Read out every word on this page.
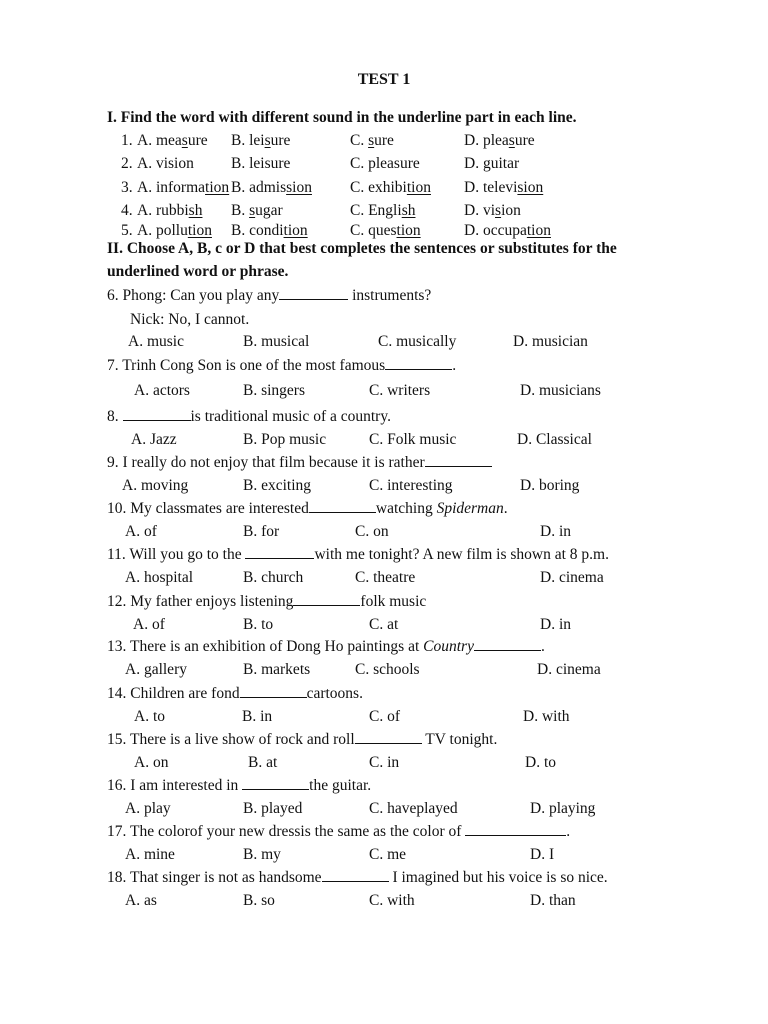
TEST 1
I. Find the word with different sound in the underline part in each line.
1. A. measure B. leisure	C. sure	D. pleasure
2. A. vision B. leisure	C. pleasure	D. guitar
3. A. information B. admission C. exhibition D. television
4. A. rubbish B. sugar	C. English	D. vision
5. A. pollution B. condition	C. question	D. occupation
II. Choose A, B, c or D that best completes the sentences or substitutes for the underlined word or phrase.
6. Phong: Can you play any	instruments?
Nick: No, I cannot.
A. music	B. musical	C. musically	D. musician
7. Trinh Cong Son is one of the most famous	.
A. actors	B. singers	C. writers	D. musicians
8.	is traditional music of a country.
A. Jazz	B. Pop music	C. Folk music	D. Classical
9. I really do not enjoy that film because it is rather
A. moving	B. exciting	C. interesting	D. boring
10. My classmates are interested	watching Spiderman.
A. of	B. for	C. on	D. in
11. Will you go to the	with me tonight? A new film is shown at 8 p.m.
A. hospital	B. church	C. theatre	D. cinema
12. My father enjoys listening	folk music
A. of	B. to	C. at	D. in
13. There is an exhibition of Dong Ho paintings at Country	.
A. gallery	B. markets	C. schools	D. cinema
14. Children are fond	cartoons.
A. to	B. in	C. of	D. with
15. There is a live show of rock and roll	TV tonight.
A. on	B. at	C. in	D. to
16. I am interested in	the guitar.
A. play	B. played	C. haveplayed	D. playing
17. The colorof your new dressis the same as the color of	.
A. mine	B. my	C. me	D. I
18. That singer is not as handsome	I imagined but his voice is so nice.
A. as	B. so	C. with	D. than
